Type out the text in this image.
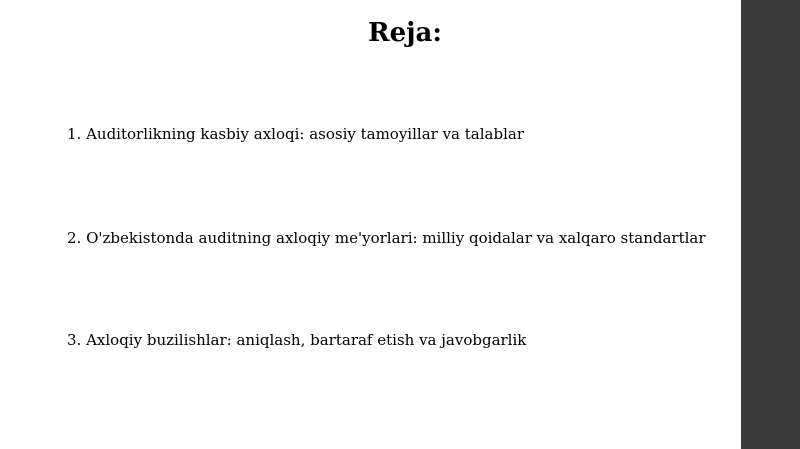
Reja:

1. Auditorlikning kasbiy axloqi: asosiy tamoyillar va talablar

2. O'zbekistonda auditning axloqiy me'yorlari: milliy qoidalar va xalqaro standartlar

3. Axloqiy buzilishlar: aniqlash, bartaraf etish va javobgarlik
